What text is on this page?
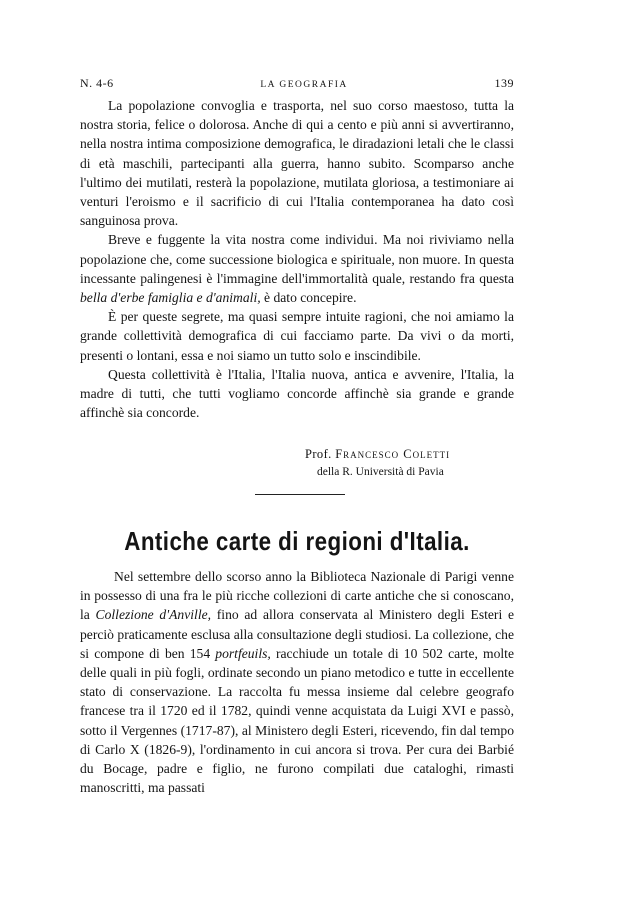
N. 4-6	LA GEOGRAFIA	139

La popolazione convoglia e trasporta, nel suo corso maestoso, tutta la nostra storia, felice o dolorosa. Anche di qui a cento e più anni si avvertiranno, nella nostra intima composizione demografica, le diradazioni letali che le classi di età maschili, partecipanti alla guerra, hanno subito. Scomparso anche l'ultimo dei mutilati, resterà la popolazione, mutilata gloriosa, a testimoniare ai venturi l'eroismo e il sacrificio di cui l'Italia contemporanea ha dato così sanguinosa prova.

Breve e fuggente la vita nostra come individui. Ma noi riviviamo nella popolazione che, come successione biologica e spirituale, non muore. In questa incessante palingenesi è l'immagine dell'immortalità quale, restando fra questa bella d'erbe famiglia e d'animali, è dato concepire.

È per queste segrete, ma quasi sempre intuite ragioni, che noi amiamo la grande collettività demografica di cui facciamo parte. Da vivi o da morti, presenti o lontani, essa e noi siamo un tutto solo e inscindibile.

Questa collettività è l'Italia, l'Italia nuova, antica e avvenire, l'Italia, la madre di tutti, che tutti vogliamo concorde affinchè sia grande e grande affinchè sia concorde.

Prof. Francesco Coletti
della R. Università di Pavia
Antiche carte di regioni d'Italia.

Nel settembre dello scorso anno la Biblioteca Nazionale di Parigi venne in possesso di una fra le più ricche collezioni di carte antiche che si conoscano, la Collezione d'Anville, fino ad allora conservata al Ministero degli Esteri e perciò praticamente esclusa alla consultazione degli studiosi. La collezione, che si compone di ben 154 portfeuils, racchiude un totale di 10 502 carte, molte delle quali in più fogli, ordinate secondo un piano metodico e tutte in eccellente stato di conservazione. La raccolta fu messa insieme dal celebre geografo francese tra il 1720 ed il 1782, quindi venne acquistata da Luigi XVI e passò, sotto il Vergennes (1717-87), al Ministero degli Esteri, ricevendo, fin dal tempo di Carlo X (1826-9), l'ordinamento in cui ancora si trova. Per cura dei Barbié du Bocage, padre e figlio, ne furono compilati due cataloghi, rimasti manoscritti, ma passati
